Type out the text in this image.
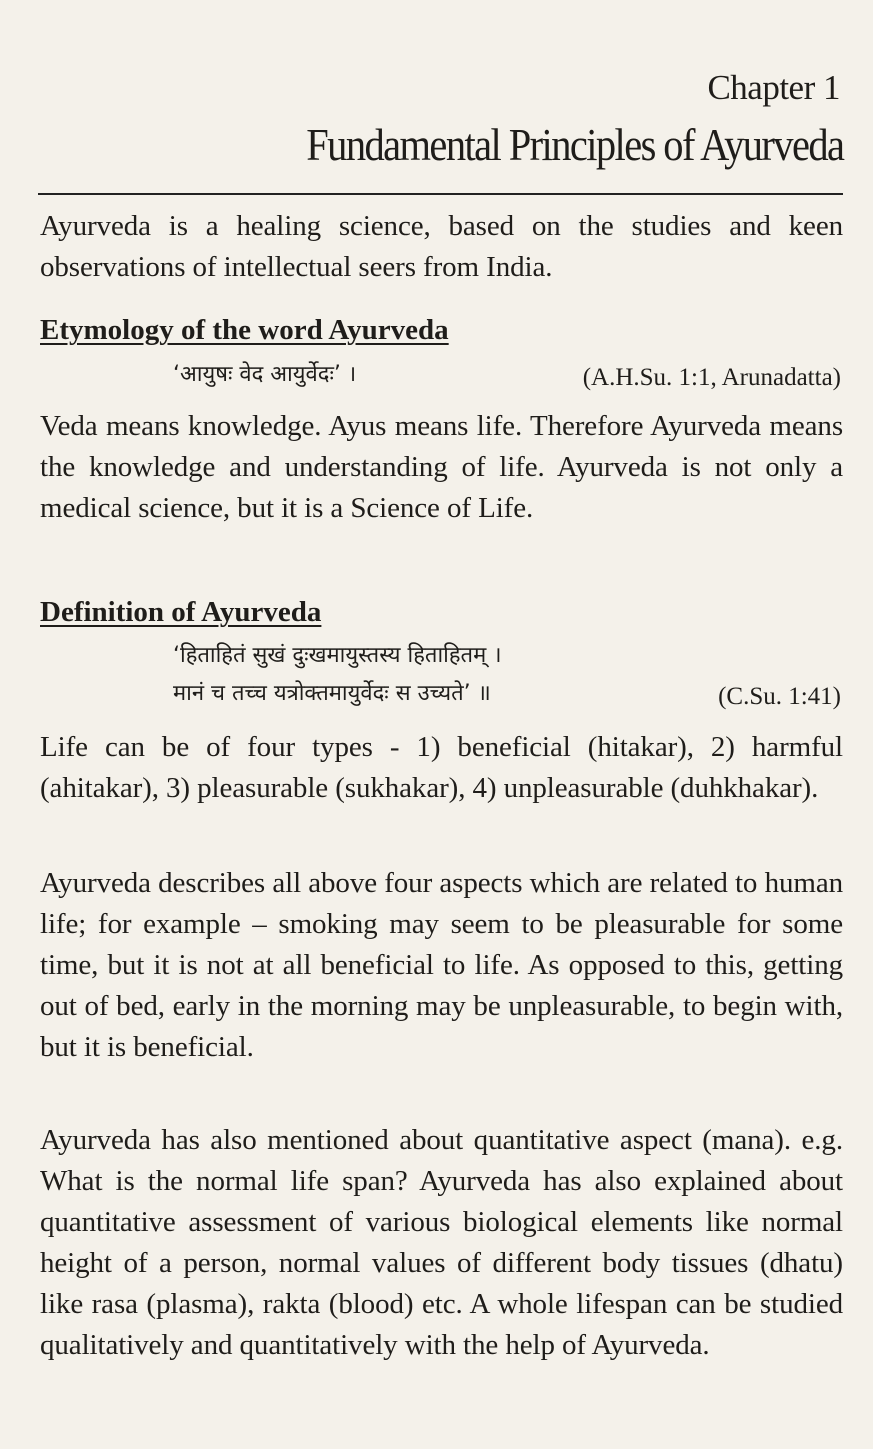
Chapter 1
Fundamental Principles of Ayurveda

Ayurveda is a healing science, based on the studies and keen observations of intellectual seers from India.

Etymology of the word Ayurveda
‘आयुषः वेद आयुर्वेदः’ ।	(A.H.Su. 1:1, Arunadatta)

Veda means knowledge. Ayus means life. Therefore Ayurveda means the knowledge and understanding of life. Ayurveda is not only a medical science, but it is a Science of Life.

Definition of Ayurveda
‘हिताहितं सुखं दुःखमायुस्तस्य हिताहितम् ।
मानं च तच्च यत्रोक्तमायुर्वेदः स उच्यते’ ॥	(C.Su. 1:41)

Life can be of four types - 1) beneficial (hitakar), 2) harmful (ahitakar), 3) pleasurable (sukhakar), 4) unpleasurable (duhkhakar).

Ayurveda describes all above four aspects which are related to human life; for example – smoking may seem to be pleasurable for some time, but it is not at all beneficial to life. As opposed to this, getting out of bed, early in the morning may be unpleasurable, to begin with, but it is beneficial.

Ayurveda has also mentioned about quantitative aspect (mana). e.g. What is the normal life span? Ayurveda has also explained about quantitative assessment of various biological elements like normal height of a person, normal values of different body tissues (dhatu) like rasa (plasma), rakta (blood) etc. A whole lifespan can be studied qualitatively and quantitatively with the help of Ayurveda.
